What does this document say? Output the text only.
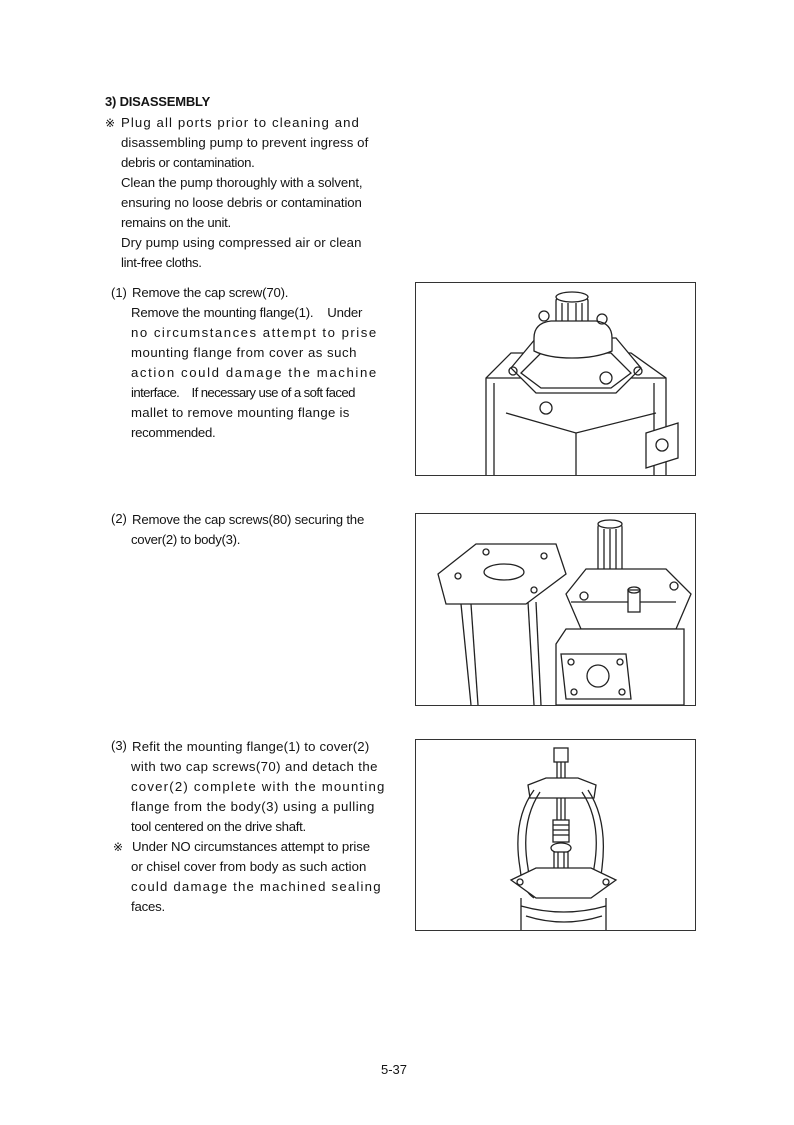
3) DISASSEMBLY
※ Plug all ports prior to cleaning and
disassembling pump to prevent ingress of
debris or contamination.
Clean the pump thoroughly with a solvent,
ensuring no loose debris or contamination
remains on the unit.
Dry pump using compressed air or clean
lint-free cloths.
(1) Remove the cap screw(70).
Remove the mounting flange(1).    Under
no circumstances attempt to prise
mounting flange from cover as such
action could damage the machine
interface.    If necessary use of a soft faced
mallet to remove mounting flange is
recommended.
(2) Remove the cap screws(80) securing the
cover(2) to body(3).
(3) Refit the mounting flange(1) to cover(2)
with two cap screws(70) and detach the
cover(2) complete with the mounting
flange from the body(3) using a pulling
tool centered on the drive shaft.
※ Under NO circumstances attempt to prise
or chisel cover from body as such action
could damage the machined sealing
faces.
5-37
